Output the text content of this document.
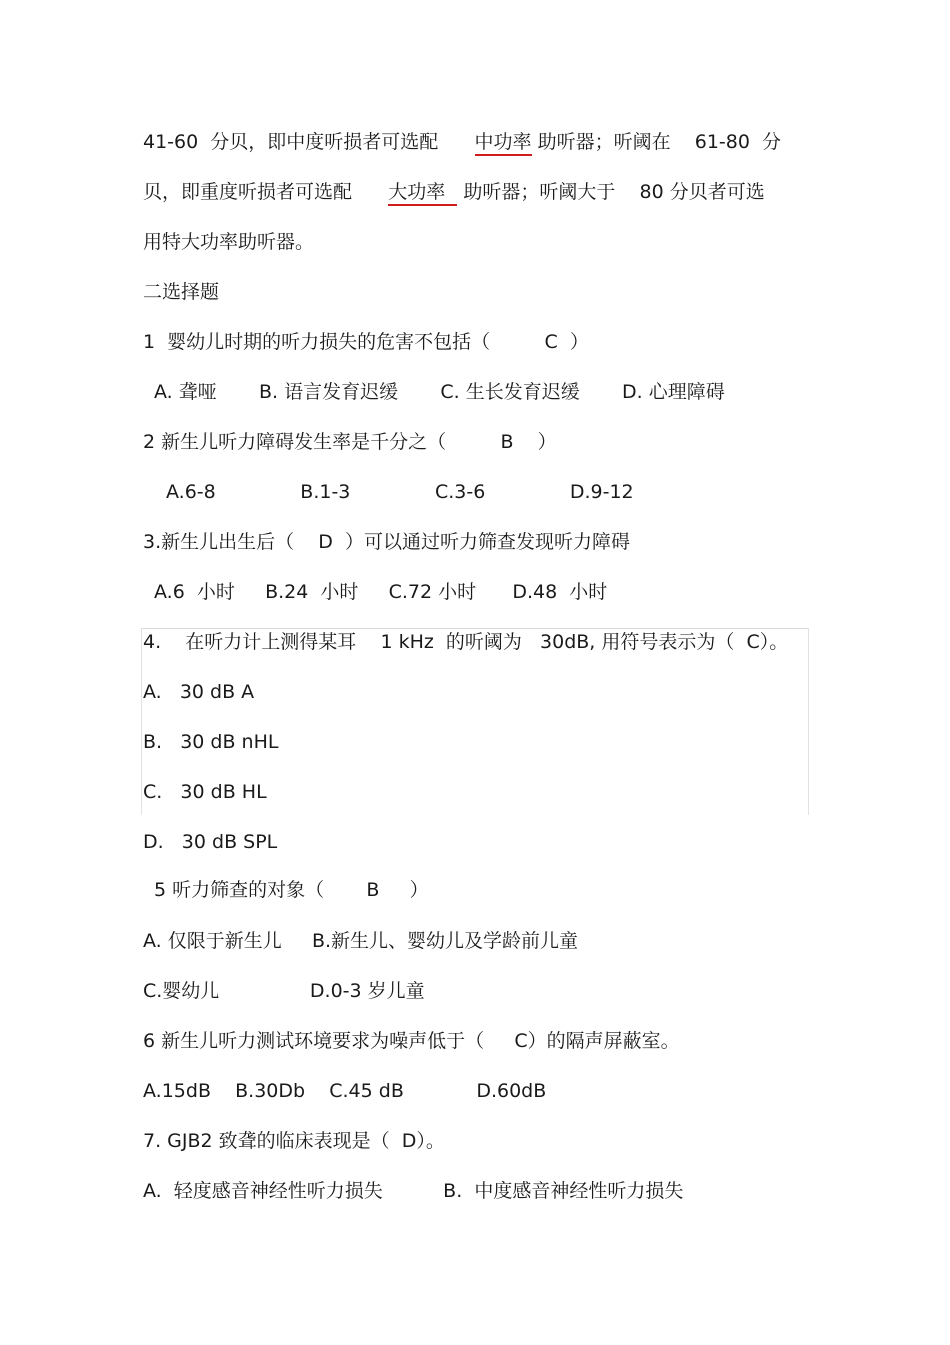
41-60  分贝，即中度听损者可选配      中功率 助听器；听阈在    61-80  分
贝，即重度听损者可选配      大功率   助听器；听阈大于    80 分贝者可选
用特大功率助听器。
二选择题
1  婴幼儿时期的听力损失的危害不包括（         C  ）
A. 聋哑       B. 语言发育迟缓       C. 生长发育迟缓       D. 心理障碍
2 新生儿听力障碍发生率是千分之（         B    ）
A.6-8              B.1-3              C.3-6              D.9-12
3.新生儿出生后（    D  ）可以通过听力筛查发现听力障碍
A.6  小时     B.24  小时     C.72 小时      D.48  小时
4.    在听力计上测得某耳    1 kHz  的听阈为   30dB, 用符号表示为（  C）。
A.   30 dB A
B.   30 dB nHL
C.   30 dB HL
D.   30 dB SPL
5 听力筛查的对象（       B     ）
A. 仅限于新生儿     B.新生儿、婴幼儿及学龄前儿童
C.婴幼儿               D.0-3 岁儿童
6 新生儿听力测试环境要求为噪声低于（     C）的隔声屏蔽室。
A.15dB    B.30Db    C.45 dB            D.60dB
7. GJB2 致聋的临床表现是（  D）。
A.  轻度感音神经性听力损失          B.  中度感音神经性听力损失
